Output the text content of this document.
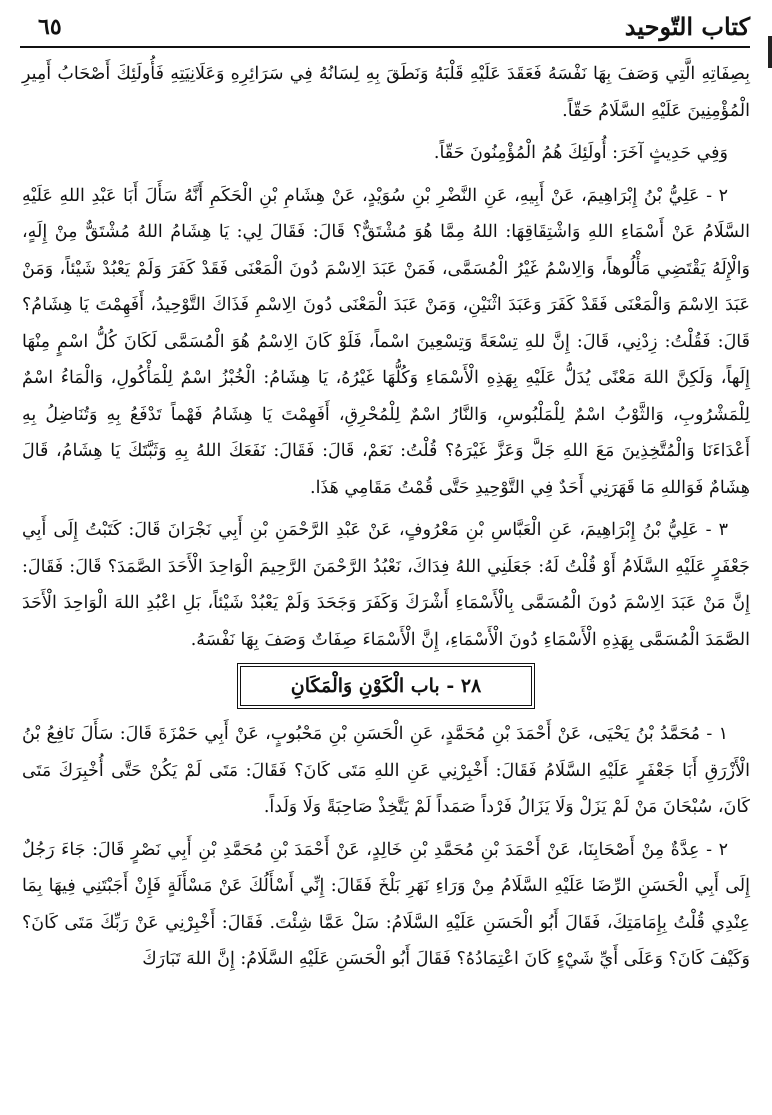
٦٥	كتاب التّوحيد

بِصِفَاتِهِ الَّتِي وَصَفَ بِهَا نَفْسَهُ فَعَقَدَ عَلَيْهِ قَلْبَهُ وَنَطَقَ بِهِ لِسَانُهُ فِي سَرَائِرِهِ وَعَلَانِيَتِهِ فَأُولَئِكَ أَصْحَابُ أَمِيرِ الْمُؤْمِنِينَ عَلَيْهِ السَّلَامُ حَقّاً.

وَفِي حَدِيثٍ آخَرَ: أُولَئِكَ هُمُ الْمُؤْمِنُونَ حَقّاً.

٢ - عَلِيُّ بْنُ إِبْرَاهِيمَ، عَنْ أَبِيهِ، عَنِ النَّضْرِ بْنِ سُوَيْدٍ، عَنْ هِشَامِ بْنِ الْحَكَمِ أَنَّهُ سَأَلَ أَبَا عَبْدِ اللهِ عَلَيْهِ السَّلَامُ عَنْ أَسْمَاءِ اللهِ وَاشْتِقَاقِهَا: اللهُ مِمَّا هُوَ مُشْتَقٌّ؟ قَالَ: فَقَالَ لِي: يَا هِشَامُ اللهُ مُشْتَقٌّ مِنْ إِلَهٍ، وَالْإِلَهُ يَقْتَضِي مَأْلُوهاً، وَالِاسْمُ غَيْرُ الْمُسَمَّى، فَمَنْ عَبَدَ الِاسْمَ دُونَ الْمَعْنَى فَقَدْ كَفَرَ وَلَمْ يَعْبُدْ شَيْئاً، وَمَنْ عَبَدَ الِاسْمَ وَالْمَعْنَى فَقَدْ كَفَرَ وَعَبَدَ اثْنَيْنِ، وَمَنْ عَبَدَ الْمَعْنَى دُونَ الِاسْمِ فَذَاكَ التَّوْحِيدُ، أَفَهِمْتَ يَا هِشَامُ؟ قَالَ: فَقُلْتُ: زِدْنِي، قَالَ: إِنَّ للهِ تِسْعَةً وَتِسْعِينَ اسْماً، فَلَوْ كَانَ الِاسْمُ هُوَ الْمُسَمَّى لَكَانَ كُلُّ اسْمٍ مِنْهَا إِلَهاً، وَلَكِنَّ اللهَ مَعْنًى يُدَلُّ عَلَيْهِ بِهَذِهِ الْأَسْمَاءِ وَكُلُّهَا غَيْرُهُ، يَا هِشَامُ: الْخُبْزُ اسْمٌ لِلْمَأْكُولِ، وَالْمَاءُ اسْمٌ لِلْمَشْرُوبِ، وَالثَّوْبُ اسْمٌ لِلْمَلْبُوسِ، وَالنَّارُ اسْمٌ لِلْمُحْرِقِ، أَفَهِمْتَ يَا هِشَامُ فَهْماً تَدْفَعُ بِهِ وَتُنَاضِلُ بِهِ أَعْدَاءَنَا وَالْمُتَّخِذِينَ مَعَ اللهِ جَلَّ وَعَزَّ غَيْرَهُ؟ قُلْتُ: نَعَمْ، قَالَ: فَقَالَ: نَفَعَكَ اللهُ بِهِ وَثَبَّتَكَ يَا هِشَامُ، قَالَ هِشَامٌ فَوَاللهِ مَا قَهَرَنِي أَحَدٌ فِي التَّوْحِيدِ حَتَّى قُمْتُ مَقَامِي هَذَا.

٣ - عَلِيُّ بْنُ إِبْرَاهِيمَ، عَنِ الْعَبَّاسِ بْنِ مَعْرُوفٍ، عَنْ عَبْدِ الرَّحْمَنِ بْنِ أَبِي نَجْرَانَ قَالَ: كَتَبْتُ إِلَى أَبِي جَعْفَرٍ عَلَيْهِ السَّلَامُ أَوْ قُلْتُ لَهُ: جَعَلَنِي اللهُ فِدَاكَ، نَعْبُدُ الرَّحْمَنَ الرَّحِيمَ الْوَاحِدَ الْأَحَدَ الصَّمَدَ؟ قَالَ: فَقَالَ: إِنَّ مَنْ عَبَدَ الِاسْمَ دُونَ الْمُسَمَّى بِالْأَسْمَاءِ أَشْرَكَ وَكَفَرَ وَجَحَدَ وَلَمْ يَعْبُدْ شَيْئاً، بَلِ اعْبُدِ اللهَ الْوَاحِدَ الْأَحَدَ الصَّمَدَ الْمُسَمَّى بِهَذِهِ الْأَسْمَاءِ دُونَ الْأَسْمَاءِ، إِنَّ الْأَسْمَاءَ صِفَاتٌ وَصَفَ بِهَا نَفْسَهُ.

٢٨ - باب الْكَوْنِ وَالْمَكَانِ

١ - مُحَمَّدُ بْنُ يَحْيَى، عَنْ أَحْمَدَ بْنِ مُحَمَّدٍ، عَنِ الْحَسَنِ بْنِ مَحْبُوبٍ، عَنْ أَبِي حَمْزَةَ قَالَ: سَأَلَ نَافِعُ بْنُ الْأَزْرَقِ أَبَا جَعْفَرٍ عَلَيْهِ السَّلَامُ فَقَالَ: أَخْبِرْنِي عَنِ اللهِ مَتَى كَانَ؟ فَقَالَ: مَتَى لَمْ يَكُنْ حَتَّى أُخْبِرَكَ مَتَى كَانَ، سُبْحَانَ مَنْ لَمْ يَزَلْ وَلَا يَزَالُ فَرْداً صَمَداً لَمْ يَتَّخِذْ صَاحِبَةً وَلَا وَلَداً.

٢ - عِدَّةٌ مِنْ أَصْحَابِنَا، عَنْ أَحْمَدَ بْنِ مُحَمَّدِ بْنِ خَالِدٍ، عَنْ أَحْمَدَ بْنِ مُحَمَّدِ بْنِ أَبِي نَصْرٍ قَالَ: جَاءَ رَجُلٌ إِلَى أَبِي الْحَسَنِ الرِّضَا عَلَيْهِ السَّلَامُ مِنْ وَرَاءِ نَهَرِ بَلْخَ فَقَالَ: إِنِّي أَسْأَلُكَ عَنْ مَسْأَلَةٍ فَإِنْ أَجَبْتَنِي فِيهَا بِمَا عِنْدِي قُلْتُ بِإِمَامَتِكَ، فَقَالَ أَبُو الْحَسَنِ عَلَيْهِ السَّلَامُ: سَلْ عَمَّا شِئْتَ. فَقَالَ: أَخْبِرْنِي عَنْ رَبِّكَ مَتَى كَانَ؟ وَكَيْفَ كَانَ؟ وَعَلَى أَيِّ شَيْءٍ كَانَ اعْتِمَادُهُ؟ فَقَالَ أَبُو الْحَسَنِ عَلَيْهِ السَّلَامُ: إِنَّ اللهَ تَبَارَكَ
